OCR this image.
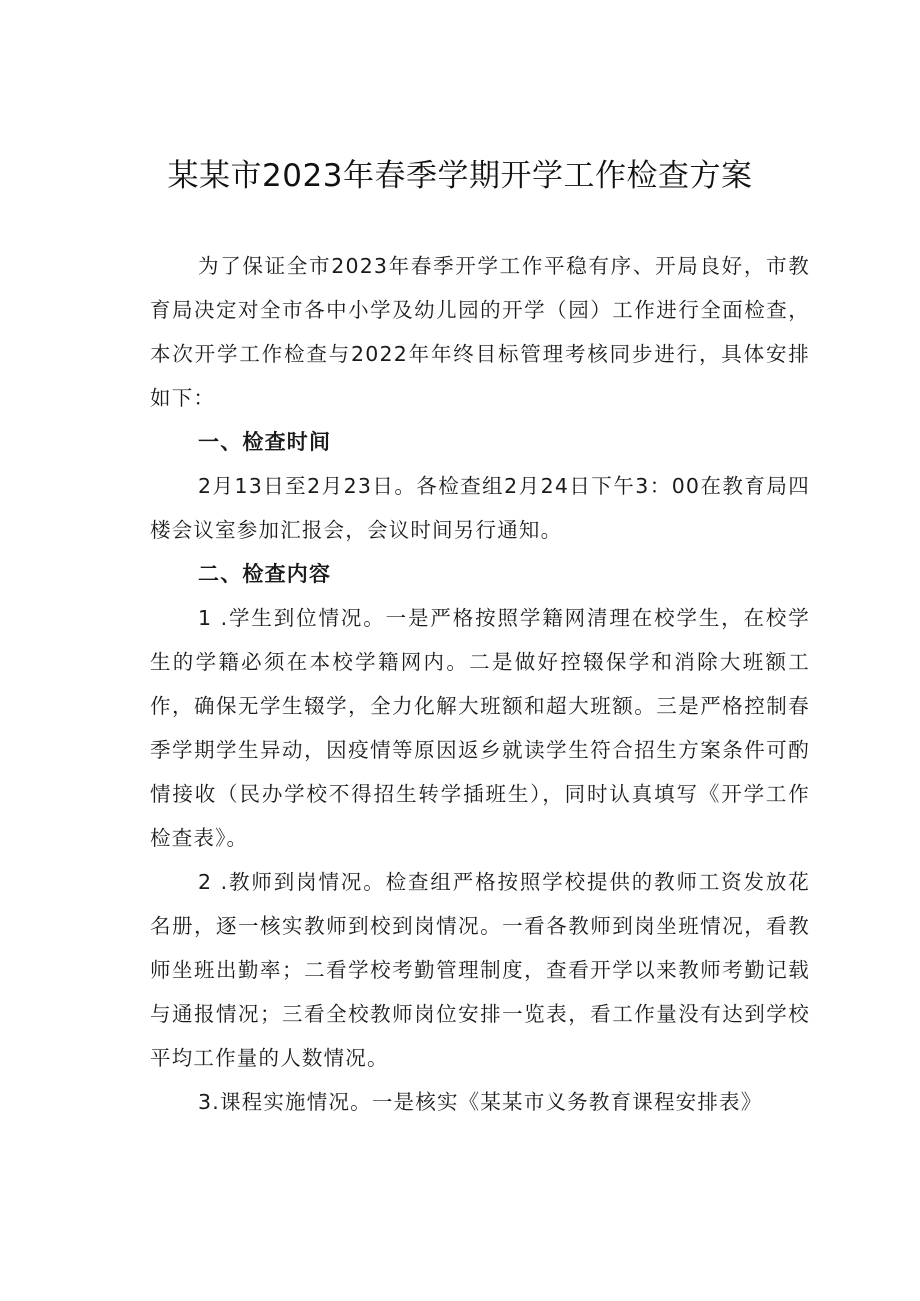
某某市2023年春季学期开学工作检查方案

为了保证全市2023年春季开学工作平稳有序、开局良好，市教育局决定对全市各中小学及幼儿园的开学（园）工作进行全面检查，本次开学工作检查与2022年年终目标管理考核同步进行，具体安排如下：

一、检查时间

2月13日至2月23日。各检查组2月24日下午3：00在教育局四楼会议室参加汇报会，会议时间另行通知。

二、检查内容

1 .学生到位情况。一是严格按照学籍网清理在校学生，在校学生的学籍必须在本校学籍网内。二是做好控辍保学和消除大班额工作，确保无学生辍学，全力化解大班额和超大班额。三是严格控制春季学期学生异动，因疫情等原因返乡就读学生符合招生方案条件可酌情接收（民办学校不得招生转学插班生），同时认真填写《开学工作检查表》。

2 .教师到岗情况。检查组严格按照学校提供的教师工资发放花名册，逐一核实教师到校到岗情况。一看各教师到岗坐班情况，看教师坐班出勤率；二看学校考勤管理制度，查看开学以来教师考勤记载与通报情况；三看全校教师岗位安排一览表，看工作量没有达到学校平均工作量的人数情况。

3.课程实施情况。一是核实《某某市义务教育课程安排表》
